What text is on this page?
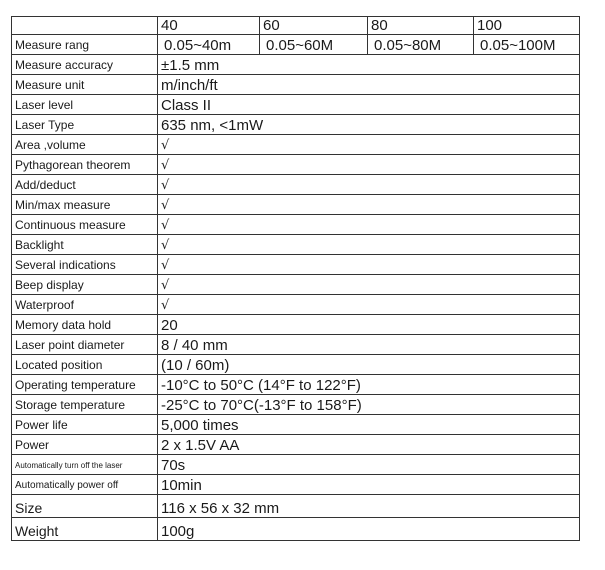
	40	60	80	100
Measure rang	0.05~40m	0.05~60M	0.05~80M	0.05~100M
Measure accuracy	±1.5 mm			
Measure unit	m/inch/ft			
Laser level	Class II			
Laser Type	635 nm, <1mW			
Area ,volume	√			
Pythagorean theorem	√			
Add/deduct	√			
Min/max measure	√			
Continuous measure	√			
Backlight	√			
Several indications	√			
Beep display	√			
Waterproof	√			
Memory data hold	20			
Laser point diameter	8 / 40 mm			
Located position	(10 / 60m)			
Operating temperature	-10°C to 50°C (14°F to 122°F)			
Storage temperature	-25°C to 70°C(-13°F to 158°F)			
Power life	5,000 times			
Power	2 x 1.5V AA			
Automatically turn off the laser	70s			
Automatically power off	10min			
Size	116 x 56 x 32 mm			
Weight	100g			
